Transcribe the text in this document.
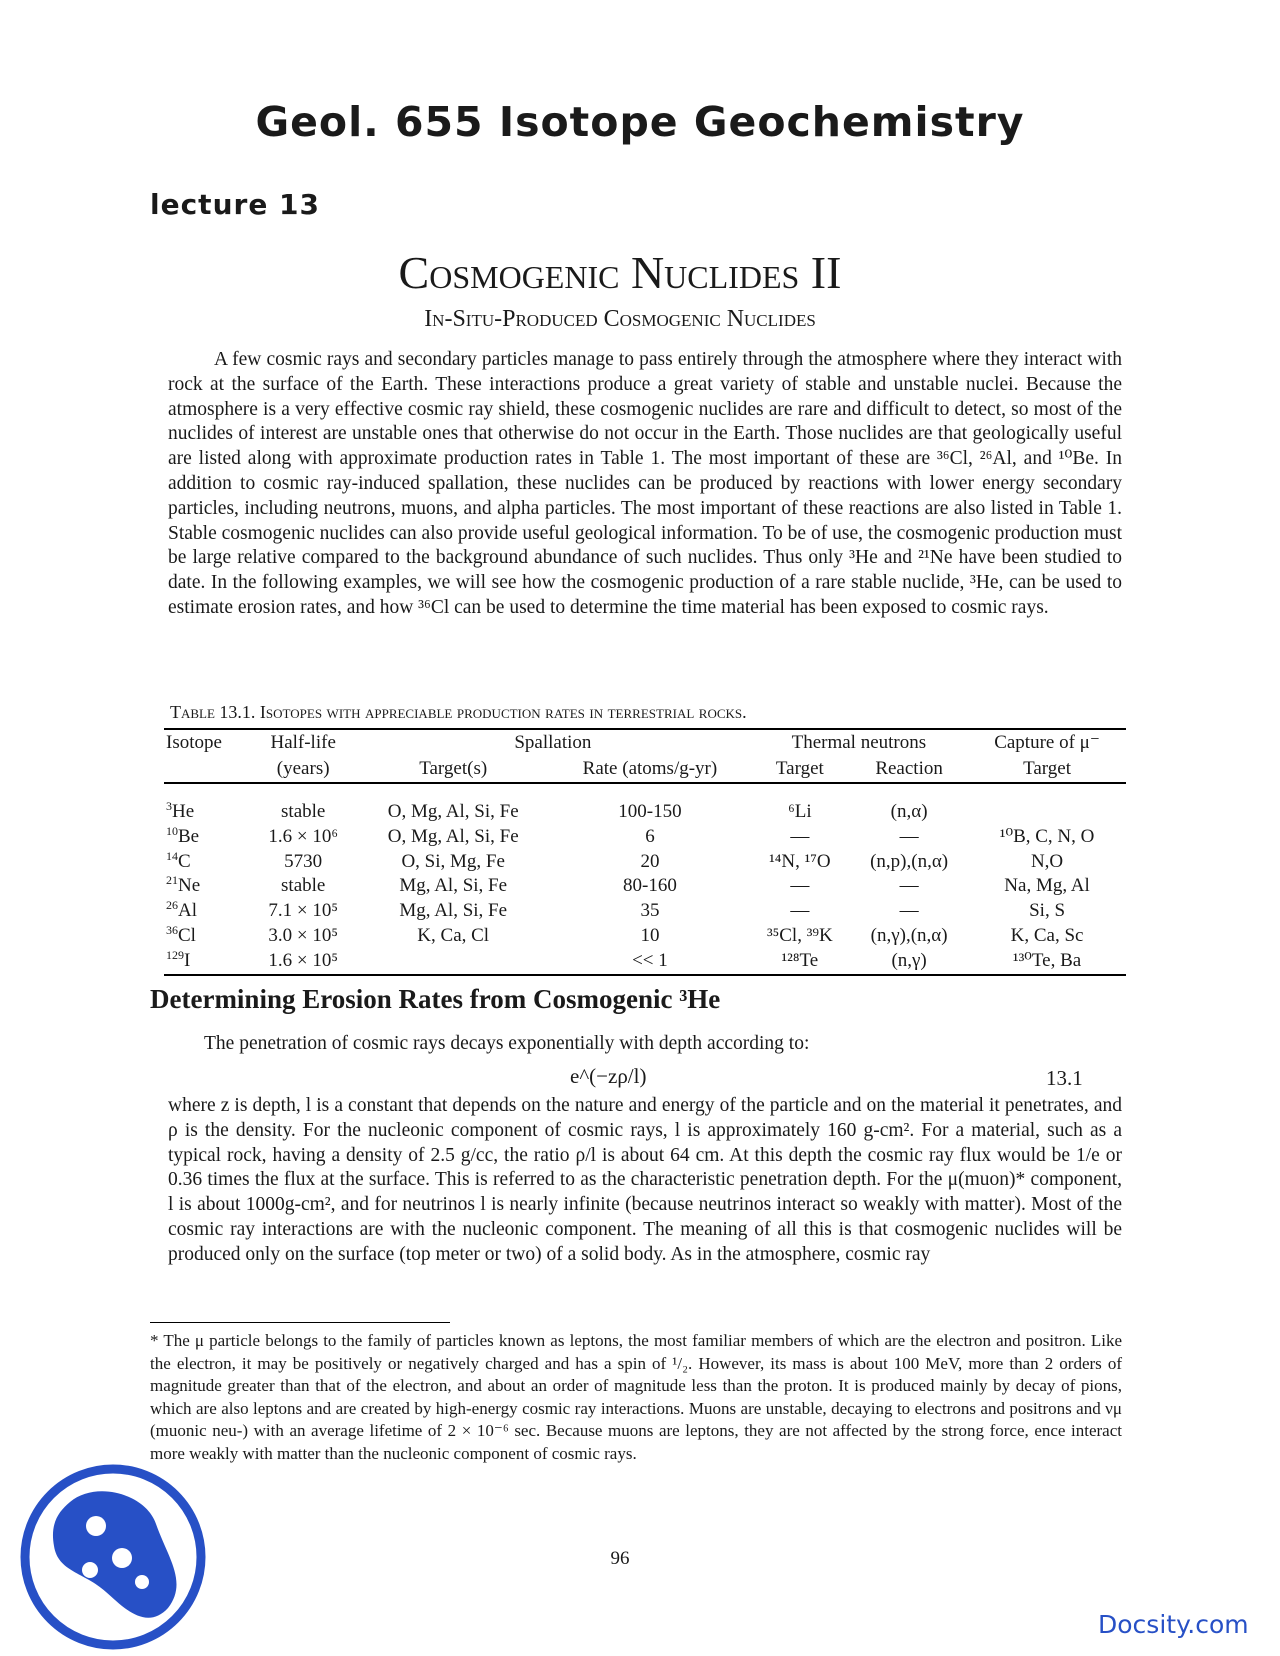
Geol. 655 Isotope Geochemistry
lecture 13
Cosmogenic Nuclides II
In-Situ-Produced Cosmogenic Nuclides
A few cosmic rays and secondary particles manage to pass entirely through the atmosphere where they interact with rock at the surface of the Earth. These interactions produce a great variety of stable and unstable nuclei. Because the atmosphere is a very effective cosmic ray shield, these cosmogenic nuclides are rare and difficult to detect, so most of the nuclides of interest are unstable ones that otherwise do not occur in the Earth. Those nuclides are that geologically useful are listed along with approximate production rates in Table 1. The most important of these are ³⁶Cl, ²⁶Al, and ¹⁰Be. In addition to cosmic ray-induced spallation, these nuclides can be produced by reactions with lower energy secondary particles, including neutrons, muons, and alpha particles. The most important of these reactions are also listed in Table 1. Stable cosmogenic nuclides can also provide useful geological information. To be of use, the cosmogenic production must be large relative compared to the background abundance of such nuclides. Thus only ³He and ²¹Ne have been studied to date. In the following examples, we will see how the cosmogenic production of a rare stable nuclide, ³He, can be used to estimate erosion rates, and how ³⁶Cl can be used to determine the time material has been exposed to cosmic rays.
Table 13.1. Isotopes with appreciable production rates in terrestrial rocks.
Isotope	Half-life	Spallation		Thermal neutrons		Capture of μ⁻
	(years)	Target(s)	Rate (atoms/g-yr)	Target	Reaction	Target

$^3$He	stable	O, Mg, Al, Si, Fe	100-150	⁶Li	(n,α)	
$^{10}$Be	1.6 × 10⁶	O, Mg, Al, Si, Fe	6	—	—	¹⁰B, C, N, O
$^{14}$C	5730	O, Si, Mg, Fe	20	¹⁴N, ¹⁷O	(n,p),(n,α)	N,O
$^{21}$Ne	stable	Mg, Al, Si, Fe	80-160	—	—	Na, Mg, Al
$^{26}$Al	7.1 × 10⁵	Mg, Al, Si, Fe	35	—	—	Si, S
$^{36}$Cl	3.0 × 10⁵	K, Ca, Cl	10	³⁵Cl, ³⁹K	(n,γ),(n,α)	K, Ca, Sc
$^{129}$I	1.6 × 10⁵		<< 1	¹²⁸Te	(n,γ)	¹³⁰Te, Ba
Determining Erosion Rates from Cosmogenic ³He
The penetration of cosmic rays decays exponentially with depth according to:
e^(−zρ/l)	13.1
where z is depth, l is a constant that depends on the nature and energy of the particle and on the material it penetrates, and ρ is the density. For the nucleonic component of cosmic rays, l is approximately 160 g-cm². For a material, such as a typical rock, having a density of 2.5 g/cc, the ratio ρ/l is about 64 cm. At this depth the cosmic ray flux would be 1/e or 0.36 times the flux at the surface. This is referred to as the characteristic penetration depth. For the μ(muon)* component, l is about 1000g-cm², and for neutrinos l is nearly infinite (because neutrinos interact so weakly with matter). Most of the cosmic ray interactions are with the nucleonic component. The meaning of all this is that cosmogenic nuclides will be produced only on the surface (top meter or two) of a solid body. As in the atmosphere, cosmic ray
* The μ particle belongs to the family of particles known as leptons, the most familiar members of which are the electron and positron. Like the electron, it may be positively or negatively charged and has a spin of ¹/₂. However, its mass is about 100 MeV, more than 2 orders of magnitude greater than that of the electron, and about an order of magnitude less than the proton. It is produced mainly by decay of pions, which are also leptons and are created by high-energy cosmic ray interactions. Muons are unstable, decaying to electrons and positrons and νμ (muonic neu-) with an average lifetime of 2 × 10⁻⁶ sec. Because muons are leptons, they are not affected by the strong force, ence interact more weakly with matter than the nucleonic component of cosmic rays.
96
Docsity.com
